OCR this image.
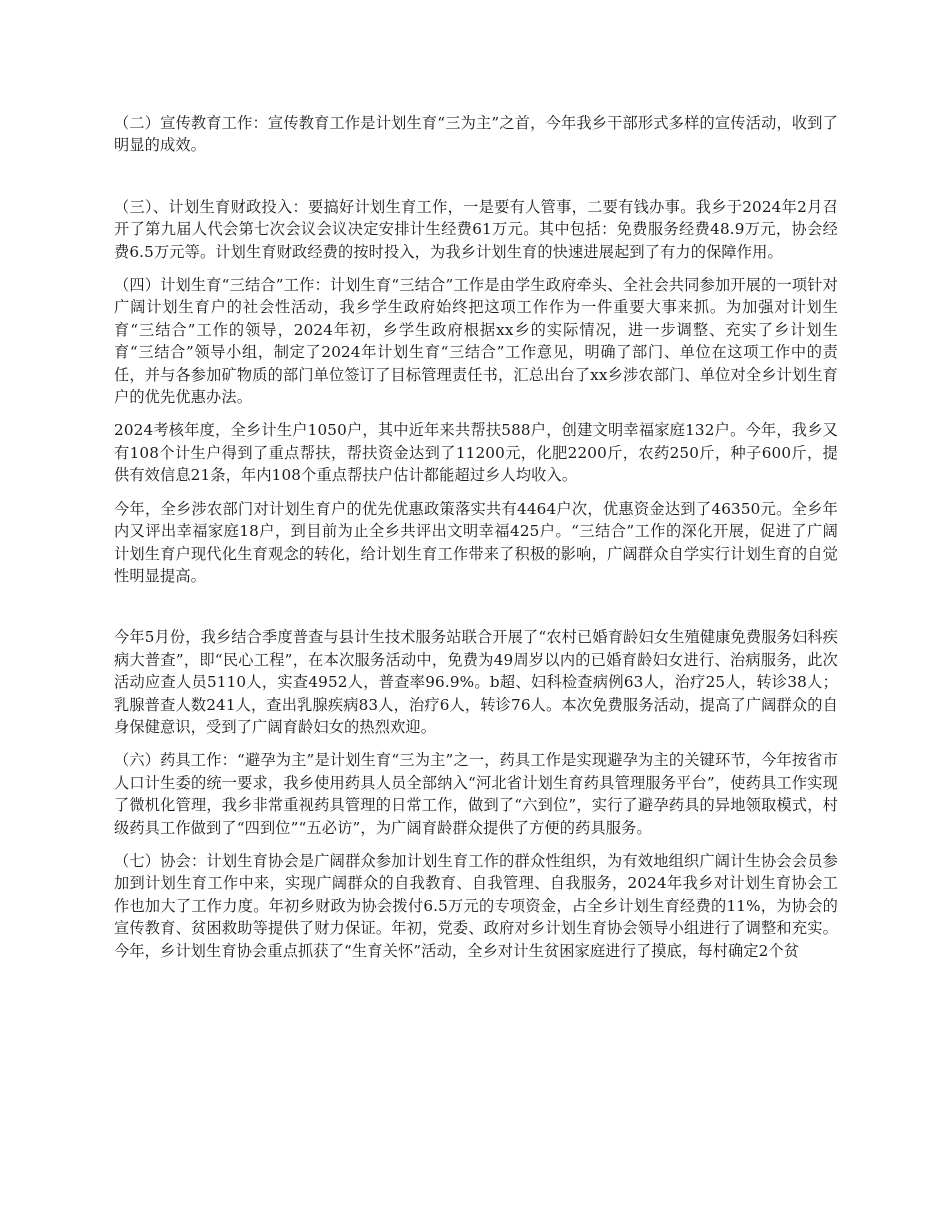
（二）宣传教育工作：宣传教育工作是计划生育“三为主”之首，今年我乡干部形式多样的宣传活动，收到了明显的成效。

（三）、计划生育财政投入：要搞好计划生育工作，一是要有人管事，二要有钱办事。我乡于2024年2月召开了第九届人代会第七次会议会议决定安排计生经费61万元。其中包括：免费服务经费48.9万元，协会经费6.5万元等。计划生育财政经费的按时投入，为我乡计划生育的快速进展起到了有力的保障作用。

（四）计划生育“三结合”工作：计划生育“三结合”工作是由学生政府牵头、全社会共同参加开展的一项针对广阔计划生育户的社会性活动，我乡学生政府始终把这项工作作为一件重要大事来抓。为加强对计划生育“三结合”工作的领导，2024年初，乡学生政府根据xx乡的实际情况，进一步调整、充实了乡计划生育“三结合”领导小组，制定了2024年计划生育“三结合”工作意见，明确了部门、单位在这项工作中的责任，并与各参加矿物质的部门单位签订了目标管理责任书，汇总出台了xx乡涉农部门、单位对全乡计划生育户的优先优惠办法。

2024考核年度，全乡计生户1050户，其中近年来共帮扶588户，创建文明幸福家庭132户。今年，我乡又有108个计生户得到了重点帮扶，帮扶资金达到了11200元，化肥2200斤，农药250斤，种子600斤，提供有效信息21条，年内108个重点帮扶户估计都能超过乡人均收入。

今年，全乡涉农部门对计划生育户的优先优惠政策落实共有4464户次，优惠资金达到了46350元。全乡年内又评出幸福家庭18户，到目前为止全乡共评出文明幸福425户。“三结合”工作的深化开展，促进了广阔计划生育户现代化生育观念的转化，给计划生育工作带来了积极的影响，广阔群众自学实行计划生育的自觉性明显提高。

今年5月份，我乡结合季度普查与县计生技术服务站联合开展了“农村已婚育龄妇女生殖健康免费服务妇科疾病大普查”，即“民心工程”，在本次服务活动中，免费为49周岁以内的已婚育龄妇女进行、治病服务，此次活动应查人员5110人，实查4952人，普查率96.9%。b超、妇科检查病例63人，治疗25人，转诊38人；乳腺普查人数241人，查出乳腺疾病83人，治疗6人，转诊76人。本次免费服务活动，提高了广阔群众的自身保健意识，受到了广阔育龄妇女的热烈欢迎。

（六）药具工作：“避孕为主”是计划生育“三为主”之一，药具工作是实现避孕为主的关键环节，今年按省市人口计生委的统一要求，我乡使用药具人员全部纳入“河北省计划生育药具管理服务平台”，使药具工作实现了微机化管理，我乡非常重视药具管理的日常工作，做到了“六到位”，实行了避孕药具的异地领取模式，村级药具工作做到了“四到位”“五必访”，为广阔育龄群众提供了方便的药具服务。

（七）协会：计划生育协会是广阔群众参加计划生育工作的群众性组织，为有效地组织广阔计生协会会员参加到计划生育工作中来，实现广阔群众的自我教育、自我管理、自我服务，2024年我乡对计划生育协会工作也加大了工作力度。年初乡财政为协会拨付6.5万元的专项资金，占全乡计划生育经费的11%，为协会的宣传教育、贫困救助等提供了财力保证。年初，党委、政府对乡计划生育协会领导小组进行了调整和充实。今年，乡计划生育协会重点抓获了“生育关怀”活动，全乡对计生贫困家庭进行了摸底，每村确定2个贫
